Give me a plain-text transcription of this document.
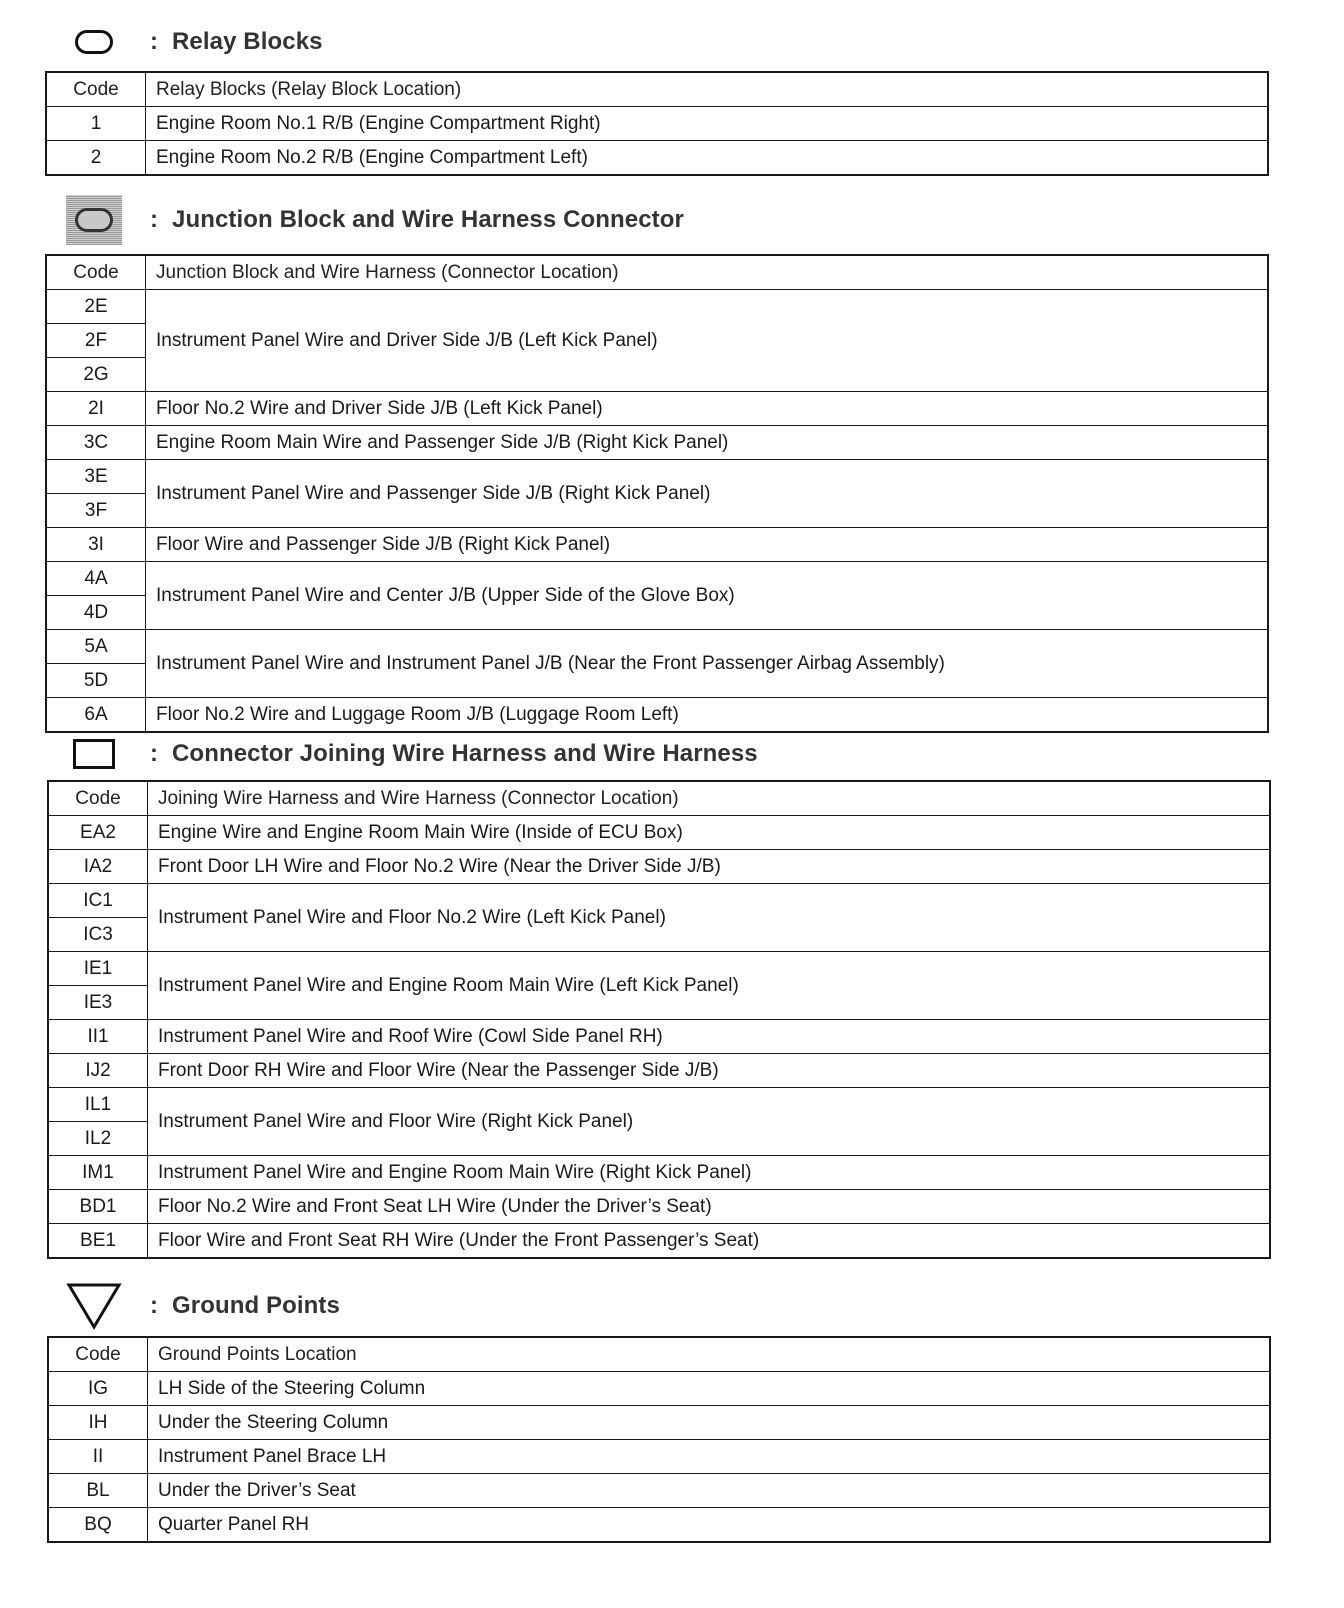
: Relay Blocks
Code	Relay Blocks (Relay Block Location)
1	Engine Room No.1 R/B (Engine Compartment Right)
2	Engine Room No.2 R/B (Engine Compartment Left)
: Junction Block and Wire Harness Connector
Code	Junction Block and Wire Harness (Connector Location)
2E	Instrument Panel Wire and Driver Side J/B (Left Kick Panel)
2F	
2G	
2I	Floor No.2 Wire and Driver Side J/B (Left Kick Panel)
3C	Engine Room Main Wire and Passenger Side J/B (Right Kick Panel)
3E	Instrument Panel Wire and Passenger Side J/B (Right Kick Panel)
3F	
3I	Floor Wire and Passenger Side J/B (Right Kick Panel)
4A	Instrument Panel Wire and Center J/B (Upper Side of the Glove Box)
4D	
5A	Instrument Panel Wire and Instrument Panel J/B (Near the Front Passenger Airbag Assembly)
5D	
6A	Floor No.2 Wire and Luggage Room J/B (Luggage Room Left)
: Connector Joining Wire Harness and Wire Harness
Code	Joining Wire Harness and Wire Harness (Connector Location)
EA2	Engine Wire and Engine Room Main Wire (Inside of ECU Box)
IA2	Front Door LH Wire and Floor No.2 Wire (Near the Driver Side J/B)
IC1	Instrument Panel Wire and Floor No.2 Wire (Left Kick Panel)
IC3	
IE1	Instrument Panel Wire and Engine Room Main Wire (Left Kick Panel)
IE3	
II1	Instrument Panel Wire and Roof Wire (Cowl Side Panel RH)
IJ2	Front Door RH Wire and Floor Wire (Near the Passenger Side J/B)
IL1	Instrument Panel Wire and Floor Wire (Right Kick Panel)
IL2	
IM1	Instrument Panel Wire and Engine Room Main Wire (Right Kick Panel)
BD1	Floor No.2 Wire and Front Seat LH Wire (Under the Driver’s Seat)
BE1	Floor Wire and Front Seat RH Wire (Under the Front Passenger’s Seat)
: Ground Points
Code	Ground Points Location
IG	LH Side of the Steering Column
IH	Under the Steering Column
II	Instrument Panel Brace LH
BL	Under the Driver’s Seat
BQ	Quarter Panel RH
